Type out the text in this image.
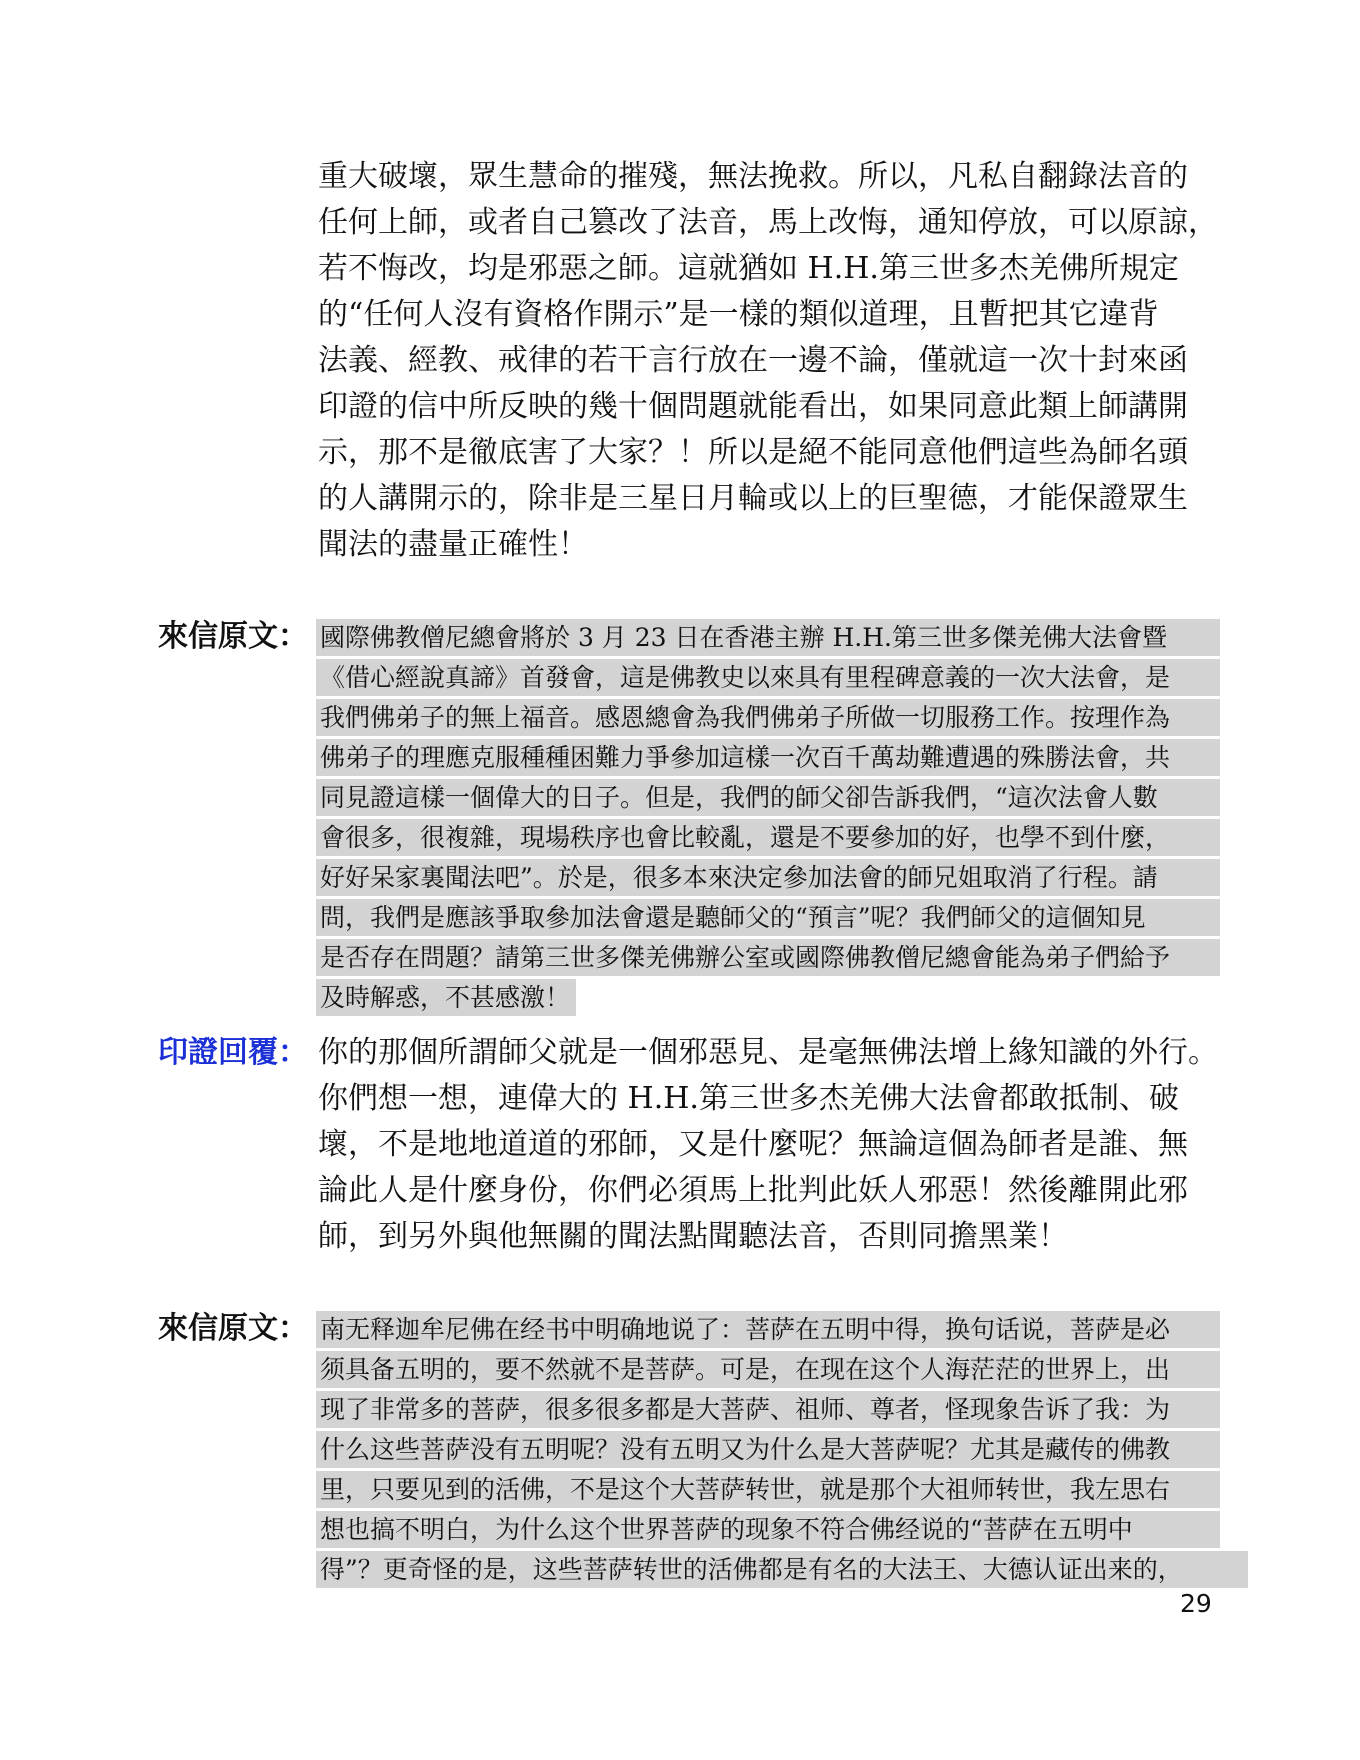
重大破壞，眾生慧命的摧殘，無法挽救。所以，凡私自翻錄法音的

任何上師，或者自己篡改了法音，馬上改悔，通知停放，可以原諒，

若不悔改，均是邪惡之師。這就猶如 H.H.第三世多杰羌佛所規定

的“任何人沒有資格作開示”是一樣的類似道理，且暫把其它違背

法義、經教、戒律的若干言行放在一邊不論，僅就這一次十封來函

印證的信中所反映的幾十個問題就能看出，如果同意此類上師講開

示，那不是徹底害了大家？！所以是絕不能同意他們這些為師名頭

的人講開示的，除非是三星日月輪或以上的巨聖德，才能保證眾生

聞法的盡量正確性！

來信原文： 國際佛教僧尼總會將於 3 月 23 日在香港主辦 H.H.第三世多傑羌佛大法會暨

《借心經說真諦》首發會，這是佛教史以來具有里程碑意義的一次大法會，是

我們佛弟子的無上福音。感恩總會為我們佛弟子所做一切服務工作。按理作為

佛弟子的理應克服種種困難力爭參加這樣一次百千萬劫難遭遇的殊勝法會，共

同見證這樣一個偉大的日子。但是，我們的師父卻告訴我們，“這次法會人數

會很多，很複雜，現場秩序也會比較亂，還是不要參加的好，也學不到什麼，

好好呆家裏聞法吧”。於是，很多本來決定參加法會的師兄姐取消了行程。請

問，我們是應該爭取參加法會還是聽師父的“預言”呢？我們師父的這個知見

是否存在問題？請第三世多傑羌佛辦公室或國際佛教僧尼總會能為弟子們給予

及時解惑，不甚感激！

印證回覆： 你的那個所謂師父就是一個邪惡見、是毫無佛法增上緣知識的外行。

你們想一想，連偉大的 H.H.第三世多杰羌佛大法會都敢抵制、破

壞，不是地地道道的邪師，又是什麼呢？無論這個為師者是誰、無

論此人是什麼身份，你們必須馬上批判此妖人邪惡！然後離開此邪

師，到另外與他無關的聞法點聞聽法音，否則同擔黑業！

來信原文： 南无释迦牟尼佛在经书中明确地说了：菩萨在五明中得，换句话说，菩萨是必

须具备五明的，要不然就不是菩萨。可是，在现在这个人海茫茫的世界上，出

现了非常多的菩萨，很多很多都是大菩萨、祖师、尊者，怪现象告诉了我：为

什么这些菩萨没有五明呢？没有五明又为什么是大菩萨呢？尤其是藏传的佛教

里，只要见到的活佛，不是这个大菩萨转世，就是那个大祖师转世，我左思右

想也搞不明白，为什么这个世界菩萨的现象不符合佛经说的“菩萨在五明中

得”？更奇怪的是，这些菩萨转世的活佛都是有名的大法王、大德认证出来的，

29
